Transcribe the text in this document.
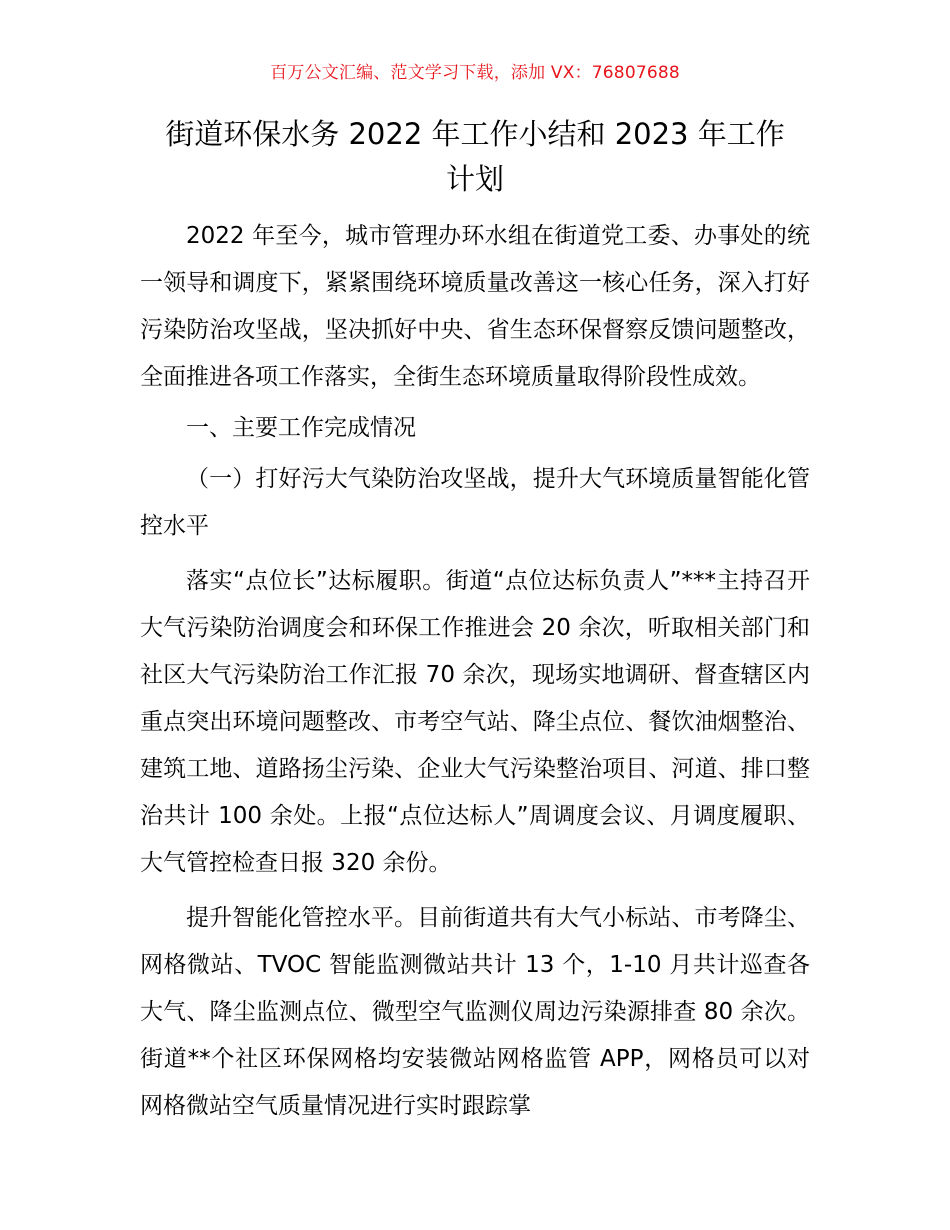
百万公文汇编、范文学习下载，添加 VX：76807688
街道环保水务 2022 年工作小结和 2023 年工作
计划

2022 年至今，城市管理办环水组在街道党工委、办事处的统一领导和调度下，紧紧围绕环境质量改善这一核心任务，深入打好污染防治攻坚战，坚决抓好中央、省生态环保督察反馈问题整改，全面推进各项工作落实，全街生态环境质量取得阶段性成效。

一、主要工作完成情况

（一）打好污大气染防治攻坚战，提升大气环境质量智能化管控水平

落实“点位长”达标履职。街道“点位达标负责人”***主持召开大气污染防治调度会和环保工作推进会 20 余次，听取相关部门和社区大气污染防治工作汇报 70 余次，现场实地调研、督查辖区内重点突出环境问题整改、市考空气站、降尘点位、餐饮油烟整治、建筑工地、道路扬尘污染、企业大气污染整治项目、河道、排口整治共计 100 余处。上报“点位达标人”周调度会议、月调度履职、大气管控检查日报 320 余份。

提升智能化管控水平。目前街道共有大气小标站、市考降尘、网格微站、TVOC 智能监测微站共计 13 个，1-10 月共计巡查各大气、降尘监测点位、微型空气监测仪周边污染源排查 80 余次。街道**个社区环保网格均安装微站网格监管 APP，网格员可以对网格微站空气质量情况进行实时跟踪掌
